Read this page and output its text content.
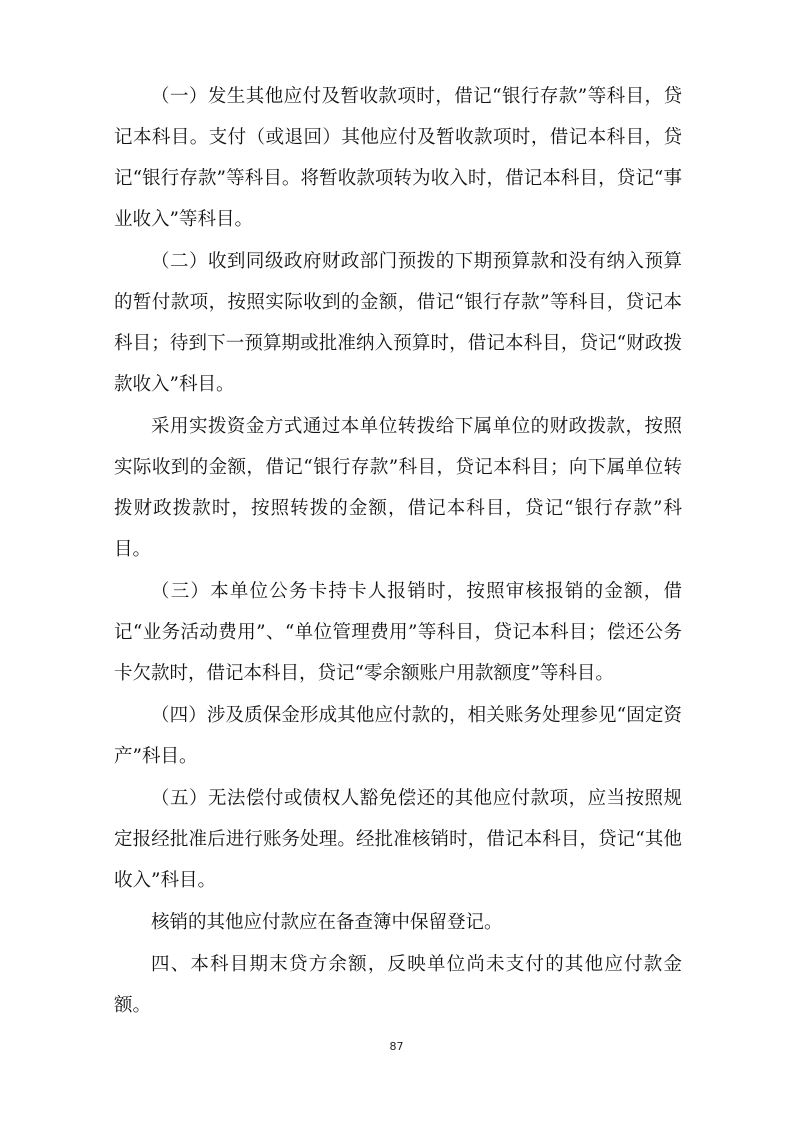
（一）发生其他应付及暂收款项时，借记“银行存款”等科目，贷记本科目。支付（或退回）其他应付及暂收款项时，借记本科目，贷记“银行存款”等科目。将暂收款项转为收入时，借记本科目，贷记“事业收入”等科目。

（二）收到同级政府财政部门预拨的下期预算款和没有纳入预算的暂付款项，按照实际收到的金额，借记“银行存款”等科目，贷记本科目；待到下一预算期或批准纳入预算时，借记本科目，贷记“财政拨款收入”科目。

采用实拨资金方式通过本单位转拨给下属单位的财政拨款，按照实际收到的金额，借记“银行存款”科目，贷记本科目；向下属单位转拨财政拨款时，按照转拨的金额，借记本科目，贷记“银行存款”科目。

（三）本单位公务卡持卡人报销时，按照审核报销的金额，借记“业务活动费用”、“单位管理费用”等科目，贷记本科目；偿还公务卡欠款时，借记本科目，贷记“零余额账户用款额度”等科目。

（四）涉及质保金形成其他应付款的，相关账务处理参见“固定资产”科目。

（五）无法偿付或债权人豁免偿还的其他应付款项，应当按照规定报经批准后进行账务处理。经批准核销时，借记本科目，贷记“其他收入”科目。

核销的其他应付款应在备查簿中保留登记。

四、本科目期末贷方余额，反映单位尚未支付的其他应付款金额。

87
